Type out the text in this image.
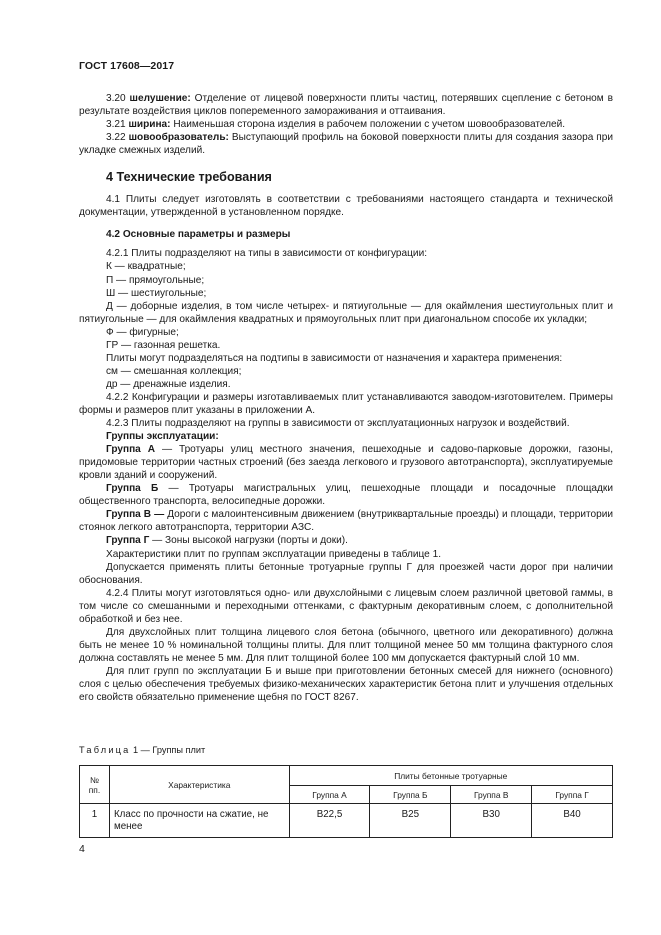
ГОСТ 17608—2017

3.20 шелушение: Отделение от лицевой поверхности плиты частиц, потерявших сцепление с бетоном в результате воздействия циклов попеременного замораживания и оттаивания.

3.21 ширина: Наименьшая сторона изделия в рабочем положении с учетом шовообразователей.

3.22 шовообразователь: Выступающий профиль на боковой поверхности плиты для создания зазора при укладке смежных изделий.

4 Технические требования

4.1 Плиты следует изготовлять в соответствии с требованиями настоящего стандарта и технической документации, утвержденной в установленном порядке.

4.2 Основные параметры и размеры

4.2.1 Плиты подразделяют на типы в зависимости от конфигурации:

К — квадратные;

П — прямоугольные;

Ш — шестиугольные;

Д — доборные изделия, в том числе четырех- и пятиугольные — для окаймления шестиугольных плит и пятиугольные — для окаймления квадратных и прямоугольных плит при диагональном способе их укладки;

Ф — фигурные;

ГР — газонная решетка.

Плиты могут подразделяться на подтипы в зависимости от назначения и характера применения:

см — смешанная коллекция;

др — дренажные изделия.

4.2.2 Конфигурации и размеры изготавливаемых плит устанавливаются заводом-изготовителем. Примеры формы и размеров плит указаны в приложении А.

4.2.3 Плиты подразделяют на группы в зависимости от эксплуатационных нагрузок и воздействий.

Группы эксплуатации:

Группа А — Тротуары улиц местного значения, пешеходные и садово-парковые дорожки, газоны, придомовые территории частных строений (без заезда легкового и грузового автотранспорта), эксплуатируемые кровли зданий и сооружений.

Группа Б — Тротуары магистральных улиц, пешеходные площади и посадочные площадки общественного транспорта, велосипедные дорожки.

Группа В — Дороги с малоинтенсивным движением (внутриквартальные проезды) и площади, территории стоянок легкого автотранспорта, территории АЗС.

Группа Г — Зоны высокой нагрузки (порты и доки).

Характеристики плит по группам эксплуатации приведены в таблице 1.

Допускается применять плиты бетонные тротуарные группы Г для проезжей части дорог при наличии обоснования.

4.2.4 Плиты могут изготовляться одно- или двухслойными с лицевым слоем различной цветовой гаммы, в том числе со смешанными и переходными оттенками, с фактурным декоративным слоем, с дополнительной обработкой и без нее.

Для двухслойных плит толщина лицевого слоя бетона (обычного, цветного или декоративного) должна быть не менее 10 % номинальной толщины плиты. Для плит толщиной менее 50 мм толщина фактурного слоя должна составлять не менее 5 мм. Для плит толщиной более 100 мм допускается фактурный слой 10 мм.

Для плит групп по эксплуатации Б и выше при приготовлении бетонных смесей для нижнего (основного) слоя с целью обеспечения требуемых физико-механических характеристик бетона плит и улучшения отдельных его свойств обязательно применение щебня по ГОСТ 8267.

Таблица 1 — Группы плит
№ пп.	Характеристика	Плиты бетонные тротуарные			
		Группа А	Группа Б	Группа В	Группа Г
1	Класс по прочности на сжатие, не менее	В22,5	В25	В30	В40
4
